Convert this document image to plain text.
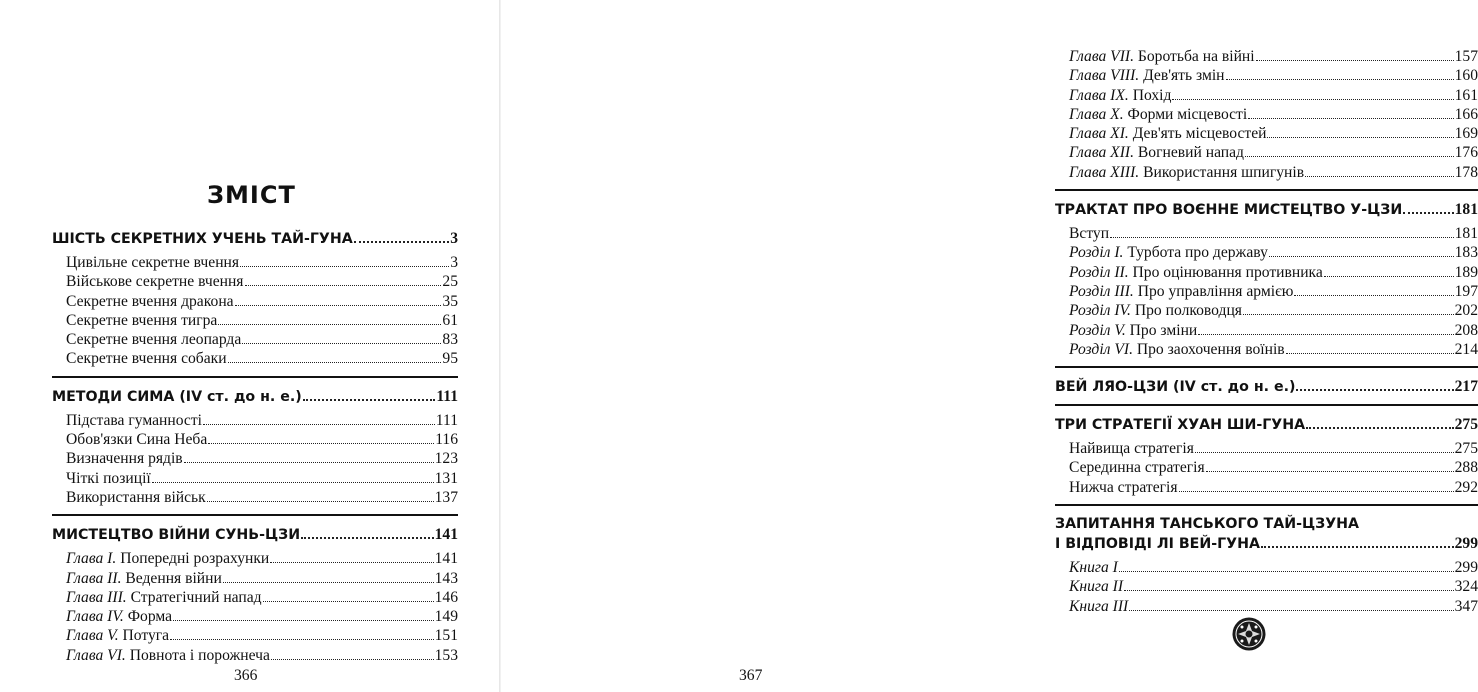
ЗМІСТ
ШІСТЬ СЕКРЕТНИХ УЧЕНЬ ТАЙ-ГУНА	3
Цивільне секретне вчення	3
Військове секретне вчення	25
Секретне вчення дракона	35
Секретне вчення тигра	61
Секретне вчення леопарда	83
Секретне вчення собаки	95
МЕТОДИ СИМА (IV ст. до н. е.)	111
Підстава гуманності	111
Обов'язки Сина Неба	116
Визначення рядів	123
Чіткі позиції	131
Використання військ	137
МИСТЕЦТВО ВІЙНИ СУНЬ-ЦЗИ	141
Глава I. Попередні розрахунки	141
Глава II. Ведення війни	143
Глава III. Стратегічний напад	146
Глава IV. Форма	149
Глава V. Потуга	151
Глава VI. Повнота і порожнеча	153
366
Глава VII. Боротьба на війні	157
Глава VIII. Дев'ять змін	160
Глава IX. Похід	161
Глава X. Форми місцевості	166
Глава XI. Дев'ять місцевостей	169
Глава XII. Вогневий напад	176
Глава XIII. Використання шпигунів	178
ТРАКТАТ ПРО ВОЄННЕ МИСТЕЦТВО У-ЦЗИ	181
Вступ	181
Розділ I. Турбота про державу	183
Розділ II. Про оцінювання противника	189
Розділ III. Про управління армією	197
Розділ IV. Про полководця	202
Розділ V. Про зміни	208
Розділ VI. Про заохочення воїнів	214
ВЕЙ ЛЯО-ЦЗИ (IV ст. до н. е.)	217
ТРИ СТРАТЕГІЇ ХУАН ШИ-ГУНА	275
Найвища стратегія	275
Серединна стратегія	288
Нижча стратегія	292
ЗАПИТАННЯ ТАНСЬКОГО ТАЙ-ЦЗУНА
І ВІДПОВІДІ ЛІ ВЕЙ-ГУНА	299
Книга I	299
Книга II	324
Книга III	347
367
